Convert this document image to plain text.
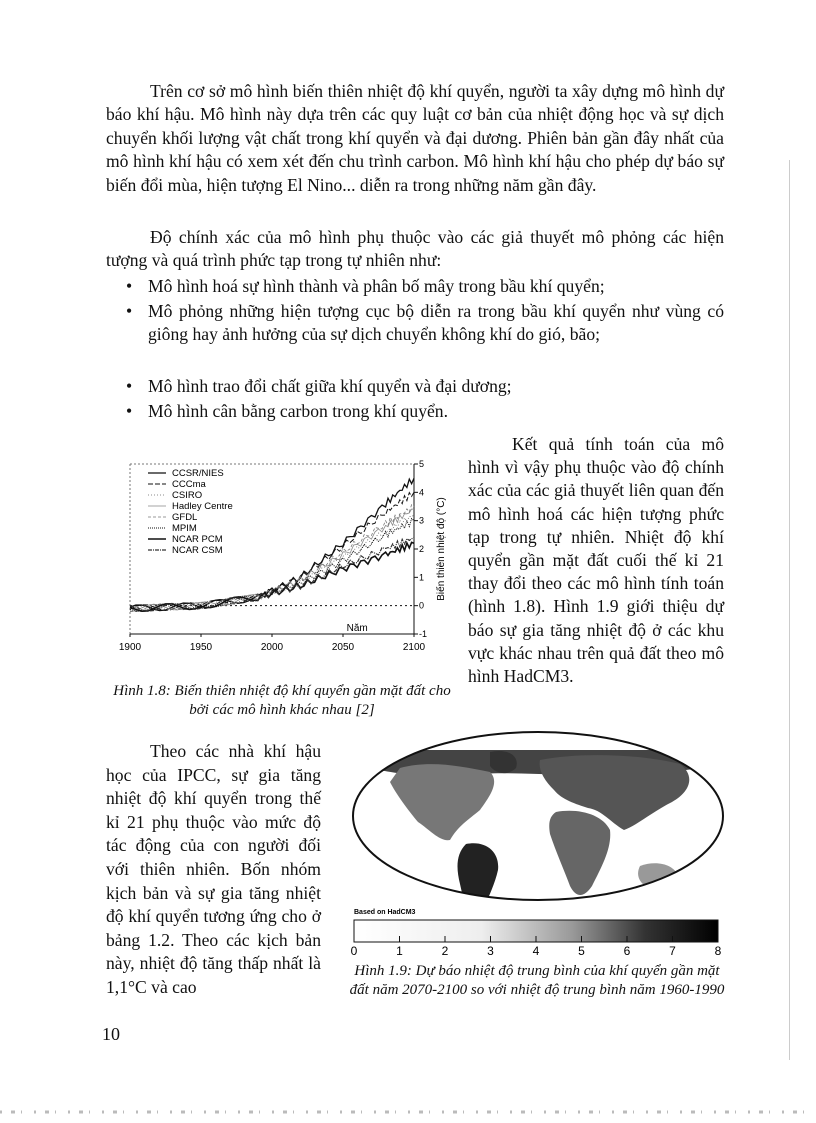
Trên cơ sở mô hình biến thiên nhiệt độ khí quyển, người ta xây dựng mô hình dự báo khí hậu. Mô hình này dựa trên các quy luật cơ bản của nhiệt động học và sự dịch chuyển khối lượng vật chất trong khí quyển và đại dương. Phiên bản gần đây nhất của mô hình khí hậu có xem xét đến chu trình carbon. Mô hình khí hậu cho phép dự báo sự biến đổi mùa, hiện tượng El Nino... diễn ra trong những năm gần đây.

Độ chính xác của mô hình phụ thuộc vào các giả thuyết mô phỏng các hiện tượng và quá trình phức tạp trong tự nhiên như:

• Mô hình hoá sự hình thành và phân bố mây trong bầu khí quyển;
• Mô phỏng những hiện tượng cục bộ diễn ra trong bầu khí quyển như vùng có giông hay ảnh hưởng của sự dịch chuyển không khí do gió, bão;
• Mô hình trao đổi chất giữa khí quyển và đại dương;
• Mô hình cân bằng carbon trong khí quyển.
5
4
3
2
1
0
-1
1900	1950	2000	2050	2100
Năm
Biến thiên nhiệt độ (°C)
CCSR/NIES
CCCma
CSIRO
Hadley Centre
GFDL
MPIM
NCAR PCM
NCAR CSM

Hình 1.8: Biến thiên nhiệt độ khí quyển gần mặt đất cho bởi các mô hình khác nhau [2]

Kết quả tính toán của mô hình vì vậy phụ thuộc vào độ chính xác của các giả thuyết liên quan đến mô hình hoá các hiện tượng phức tạp trong tự nhiên. Nhiệt độ khí quyển gần mặt đất cuối thế kỉ 21 thay đổi theo các mô hình tính toán (hình 1.8). Hình 1.9 giới thiệu dự báo sự gia tăng nhiệt độ ở các khu vực khác nhau trên quả đất theo mô hình HadCM3.

Theo các nhà khí hậu học của IPCC, sự gia tăng nhiệt độ khí quyển trong thế kỉ 21 phụ thuộc vào mức độ tác động của con người đối với thiên nhiên. Bốn nhóm kịch bản và sự gia tăng nhiệt độ khí quyển tương ứng cho ở bảng 1.2. Theo các kịch bản này, nhiệt độ tăng thấp nhất là 1,1°C và cao

Based on HadCM3
0	1	2	3	4	5	6	7	8

Hình 1.9: Dự báo nhiệt độ trung bình của khí quyển gần mặt đất năm 2070-2100 so với nhiệt độ trung bình năm 1960-1990

10
